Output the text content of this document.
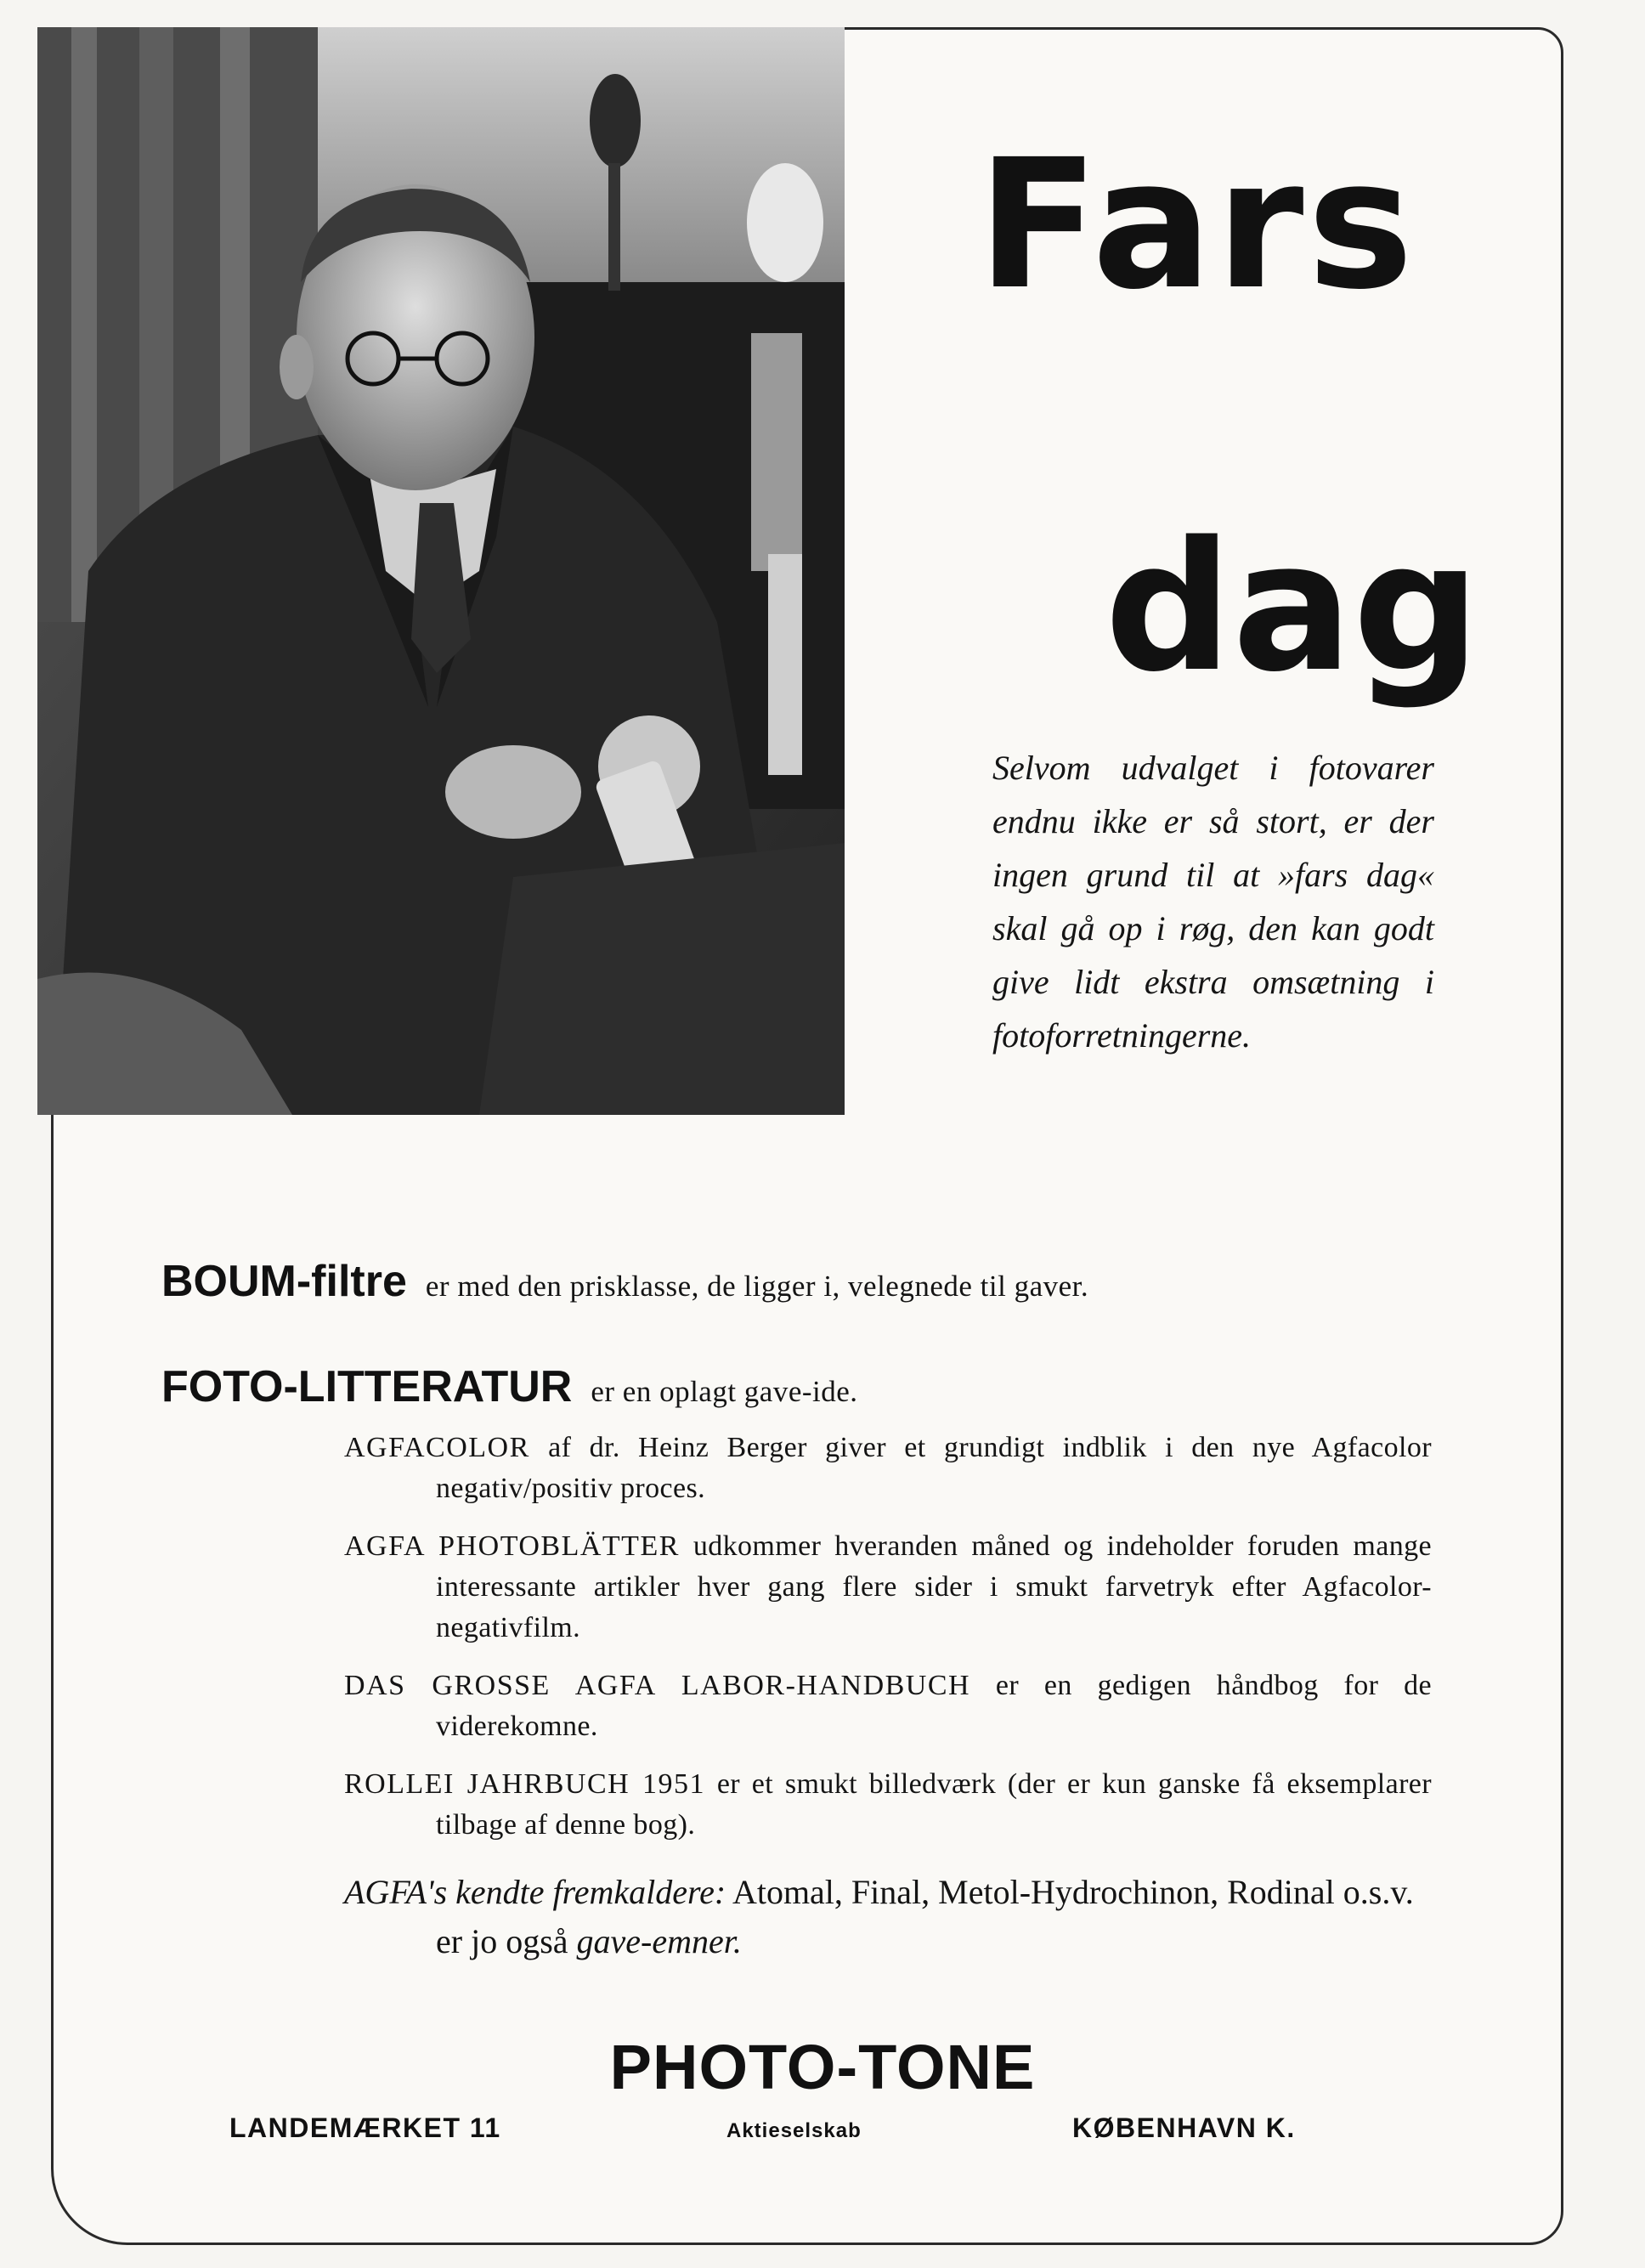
Fars
dag
Selvom udvalget i fotovarer endnu ikke er så stort, er der ingen grund til at »fars dag« skal gå op i røg, den kan godt give lidt ekstra omsætning i fotoforretningerne.
BOUM-filtre er med den prisklasse, de ligger i, velegnede til gaver.
FOTO-LITTERATUR er en oplagt gave-ide.
AGFACOLOR af dr. Heinz Berger giver et grundigt indblik i den nye Agfacolor negativ/positiv proces.
AGFA PHOTOBLÄTTER udkommer hveranden måned og indeholder foruden mange interessante artikler hver gang flere sider i smukt farvetryk efter Agfacolor-negativfilm.
DAS GROSSE AGFA LABOR-HANDBUCH er en gedigen håndbog for de viderekomne.
ROLLEI JAHRBUCH 1951 er et smukt billedværk (der er kun ganske få eksemplarer tilbage af denne bog).
AGFA's kendte fremkaldere: Atomal, Final, Metol-Hydrochinon, Rodinal o.s.v. er jo også gave-emner.
PHOTO-TONE
LANDEMÆRKET 11	Aktieselskab	KØBENHAVN K.
